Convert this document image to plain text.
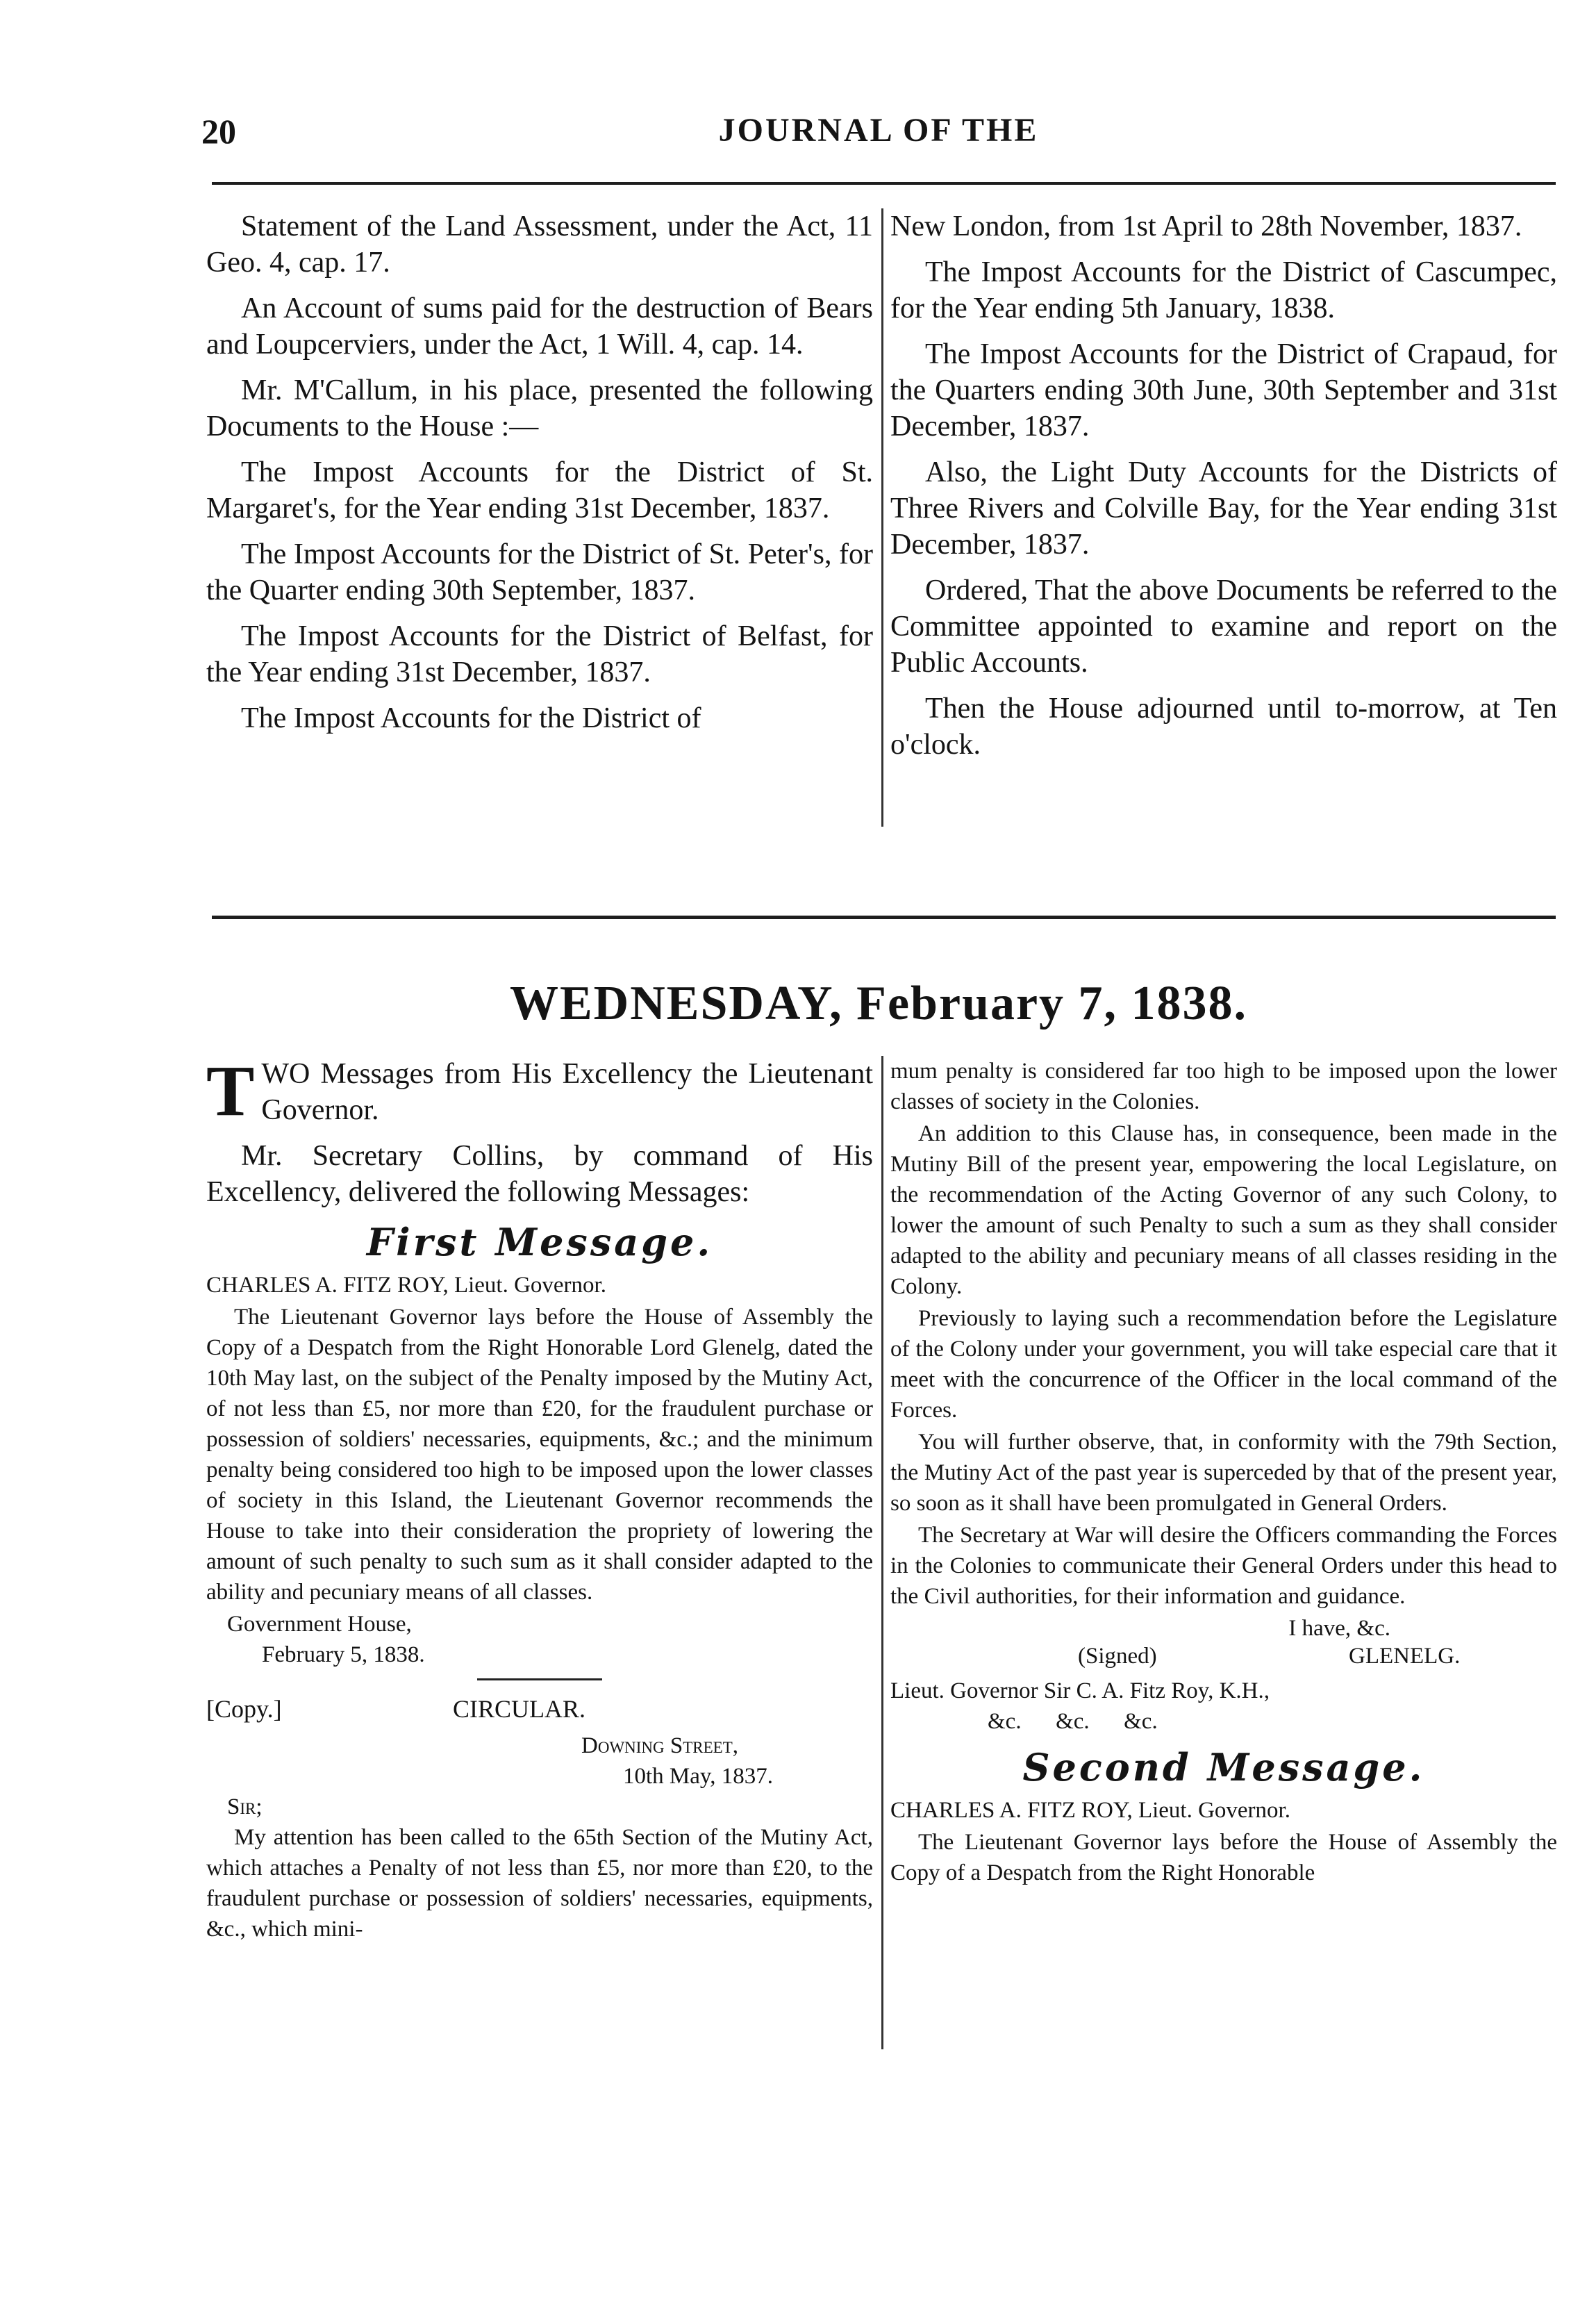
20	JOURNAL OF THE

Statement of the Land Assessment, under the Act, 11 Geo. 4, cap. 17.

An Account of sums paid for the destruction of Bears and Loupcerviers, under the Act, 1 Will. 4, cap. 14.

Mr. M'Callum, in his place, presented the following Documents to the House :—

The Impost Accounts for the District of St. Margaret's, for the Year ending 31st December, 1837.

The Impost Accounts for the District of St. Peter's, for the Quarter ending 30th September, 1837.

The Impost Accounts for the District of Belfast, for the Year ending 31st December, 1837.

The Impost Accounts for the District of

New London, from 1st April to 28th November, 1837.

The Impost Accounts for the District of Cascumpec, for the Year ending 5th January, 1838.

The Impost Accounts for the District of Crapaud, for the Quarters ending 30th June, 30th September and 31st December, 1837.

Also, the Light Duty Accounts for the Districts of Three Rivers and Colville Bay, for the Year ending 31st December, 1837.

Ordered, That the above Documents be referred to the Committee appointed to examine and report on the Public Accounts.

Then the House adjourned until to-morrow, at Ten o'clock.

WEDNESDAY, February 7, 1838.

TWO Messages from His Excellency the Lieutenant Governor.

Mr. Secretary Collins, by command of His Excellency, delivered the following Messages:

First Message.

CHARLES A. FITZ ROY, Lieut. Governor.

The Lieutenant Governor lays before the House of Assembly the Copy of a Despatch from the Right Honorable Lord Glenelg, dated the 10th May last, on the subject of the Penalty imposed by the Mutiny Act, of not less than £5, nor more than £20, for the fraudulent purchase or possession of soldiers' necessaries, equipments, &c.; and the minimum penalty being considered too high to be imposed upon the lower classes of society in this Island, the Lieutenant Governor recommends the House to take into their consideration the propriety of lowering the amount of such penalty to such sum as it shall consider adapted to the ability and pecuniary means of all classes.

Government House,
February 5, 1838.
[Copy.]	CIRCULAR.
Downing Street,
10th May, 1837.
Sir;

My attention has been called to the 65th Section of the Mutiny Act, which attaches a Penalty of not less than £5, nor more than £20, to the fraudulent purchase or possession of soldiers' necessaries, equipments, &c., which mini-

mum penalty is considered far too high to be imposed upon the lower classes of society in the Colonies.

An addition to this Clause has, in consequence, been made in the Mutiny Bill of the present year, empowering the local Legislature, on the recommendation of the Acting Governor of any such Colony, to lower the amount of such Penalty to such a sum as they shall consider adapted to the ability and pecuniary means of all classes residing in the Colony.

Previously to laying such a recommendation before the Legislature of the Colony under your government, you will take especial care that it meet with the concurrence of the Officer in the local command of the Forces.

You will further observe, that, in conformity with the 79th Section, the Mutiny Act of the past year is superceded by that of the present year, so soon as it shall have been promulgated in General Orders.

The Secretary at War will desire the Officers commanding the Forces in the Colonies to communicate their General Orders under this head to the Civil authorities, for their information and guidance.

I have, &c.
(Signed)	GLENELG.
Lieut. Governor Sir C. A. Fitz Roy, K.H.,
&c.      &c.      &c.
Second Message.

CHARLES A. FITZ ROY, Lieut. Governor.

The Lieutenant Governor lays before the House of Assembly the Copy of a Despatch from the Right Honorable
